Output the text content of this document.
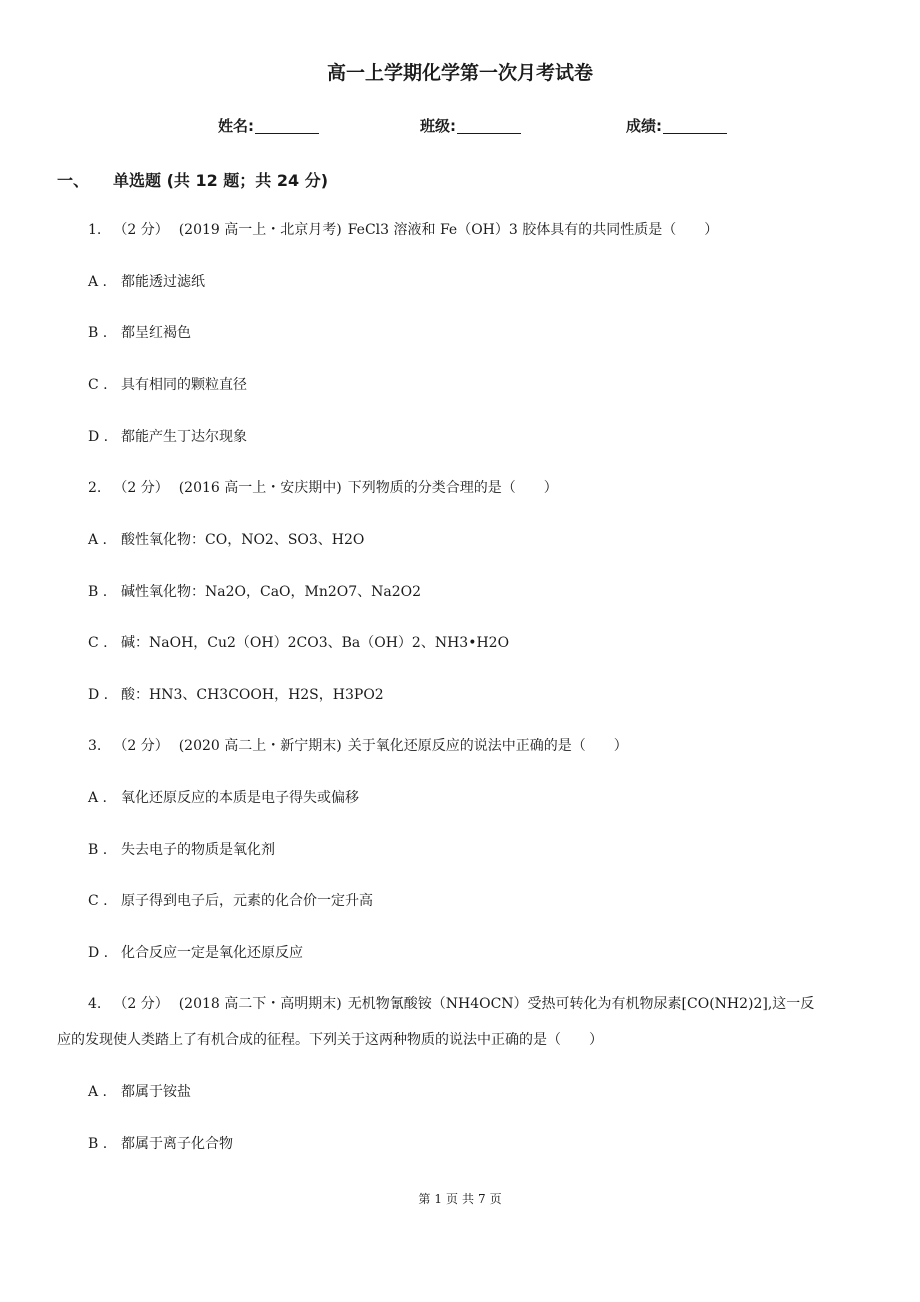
高一上学期化学第一次月考试卷
姓名:	班级:	成绩:
一、 单选题 (共 12 题；共 24 分)
1. （2 分） (2019 高一上・北京月考) FeCl3 溶液和 Fe（OH）3 胶体具有的共同性质是（　　）
A . 都能透过滤纸
B . 都呈红褐色
C . 具有相同的颗粒直径
D . 都能产生丁达尔现象
2. （2 分） (2016 高一上・安庆期中) 下列物质的分类合理的是（　　）
A . 酸性氧化物：CO，NO2、SO3、H2O
B . 碱性氧化物：Na2O，CaO，Mn2O7、Na2O2
C . 碱：NaOH，Cu2（OH）2CO3、Ba（OH）2、NH3•H2O
D . 酸：HN3、CH3COOH，H2S，H3PO2
3. （2 分） (2020 高二上・新宁期末) 关于氧化还原反应的说法中正确的是（　　）
A . 氧化还原反应的本质是电子得失或偏移
B . 失去电子的物质是氧化剂
C . 原子得到电子后，元素的化合价一定升高
D . 化合反应一定是氧化还原反应
4. （2 分） (2018 高二下・高明期末) 无机物氰酸铵（NH4OCN）受热可转化为有机物尿素[CO(NH2)2],这一反
应的发现使人类踏上了有机合成的征程。下列关于这两种物质的说法中正确的是（　　）
A . 都属于铵盐
B . 都属于离子化合物
第 1 页 共 7 页
